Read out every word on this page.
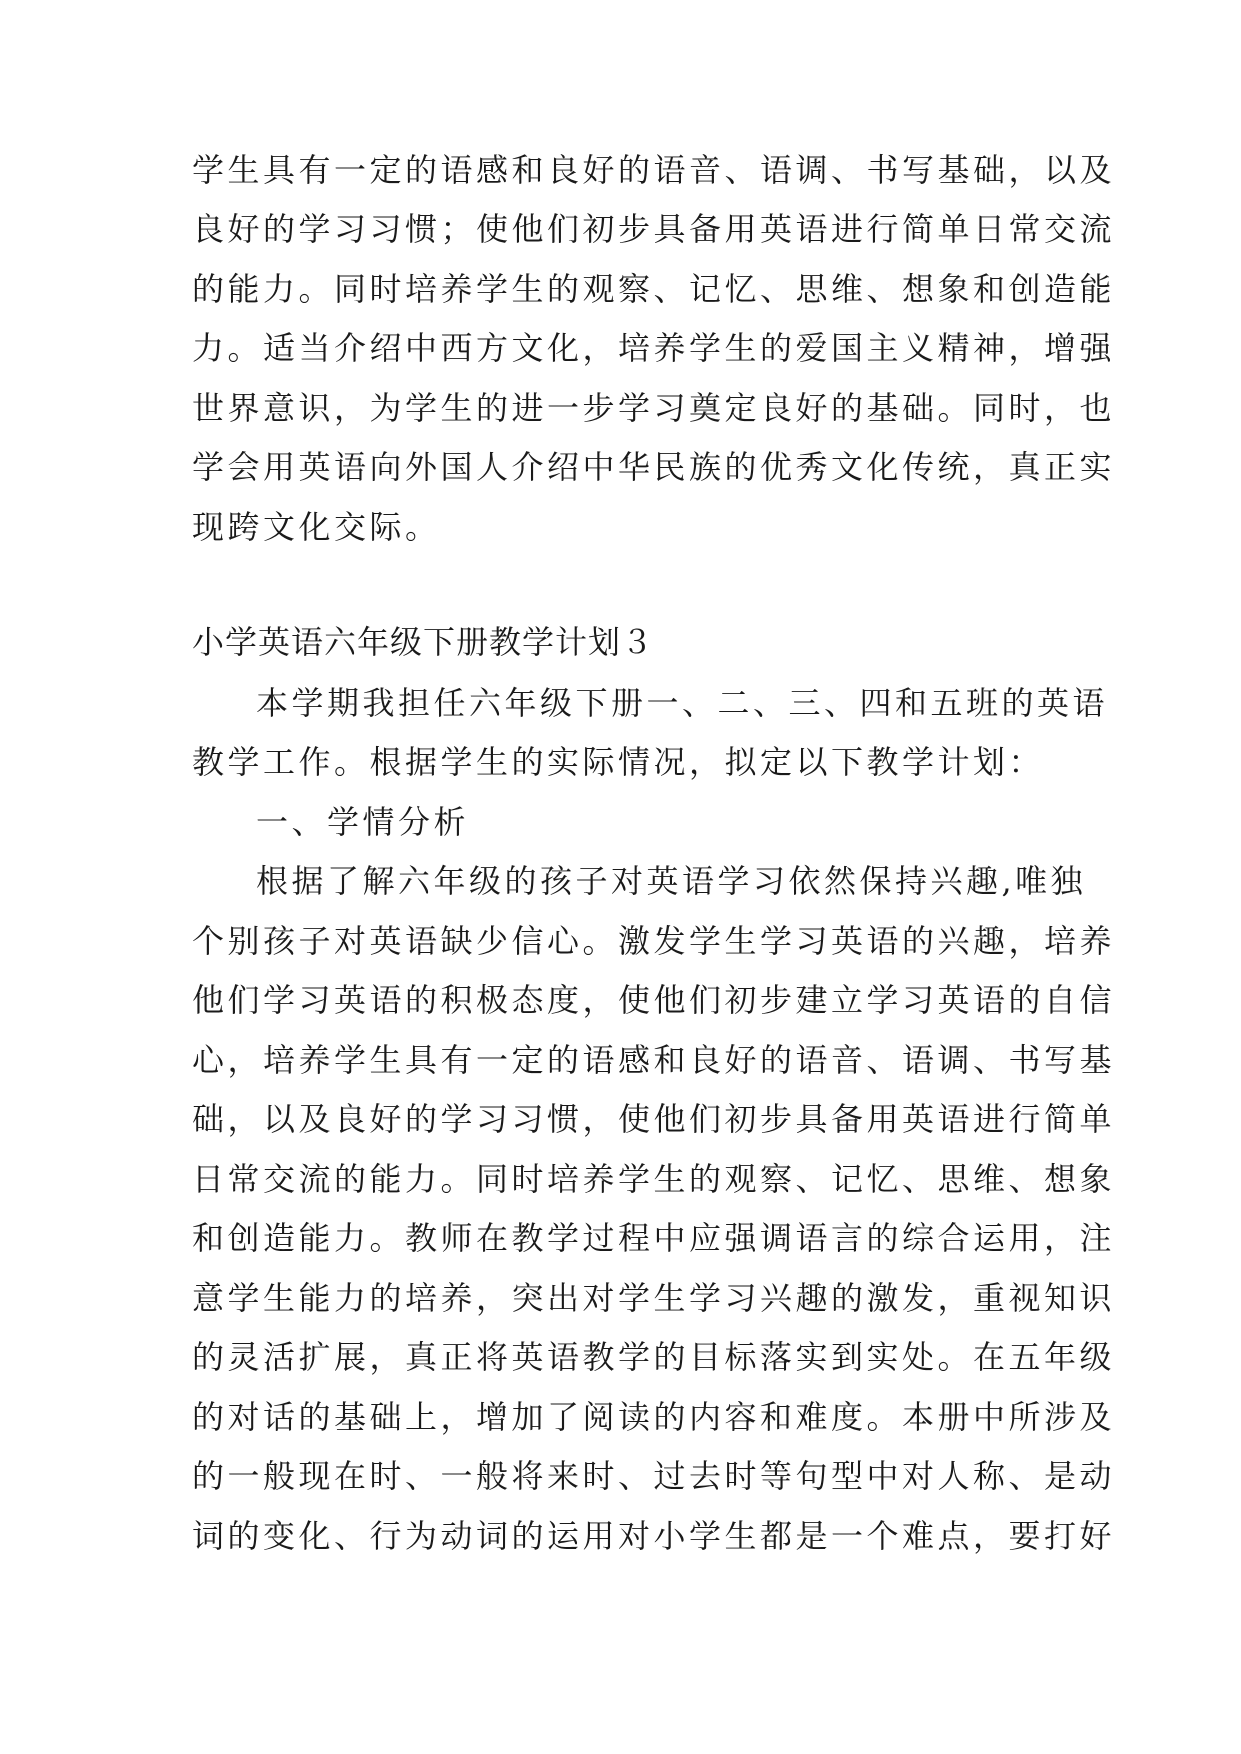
学生具有一定的语感和良好的语音、语调、书写基础，以及

良好的学习习惯；使他们初步具备用英语进行简单日常交流

的能力。同时培养学生的观察、记忆、思维、想象和创造能

力。适当介绍中西方文化，培养学生的爱国主义精神，增强

世界意识，为学生的进一步学习奠定良好的基础。同时，也

学会用英语向外国人介绍中华民族的优秀文化传统，真正实

现跨文化交际。

小学英语六年级下册教学计划３

本学期我担任六年级下册一、二、三、四和五班的英语

教学工作。根据学生的实际情况，拟定以下教学计划：

一、学情分析

根据了解六年级的孩子对英语学习依然保持兴趣,唯独

个别孩子对英语缺少信心。激发学生学习英语的兴趣，培养

他们学习英语的积极态度，使他们初步建立学习英语的自信

心，培养学生具有一定的语感和良好的语音、语调、书写基

础，以及良好的学习习惯，使他们初步具备用英语进行简单

日常交流的能力。同时培养学生的观察、记忆、思维、想象

和创造能力。教师在教学过程中应强调语言的综合运用，注

意学生能力的培养，突出对学生学习兴趣的激发，重视知识

的灵活扩展，真正将英语教学的目标落实到实处。在五年级

的对话的基础上，增加了阅读的内容和难度。本册中所涉及

的一般现在时、一般将来时、过去时等句型中对人称、是动

词的变化、行为动词的运用对小学生都是一个难点，要打好
